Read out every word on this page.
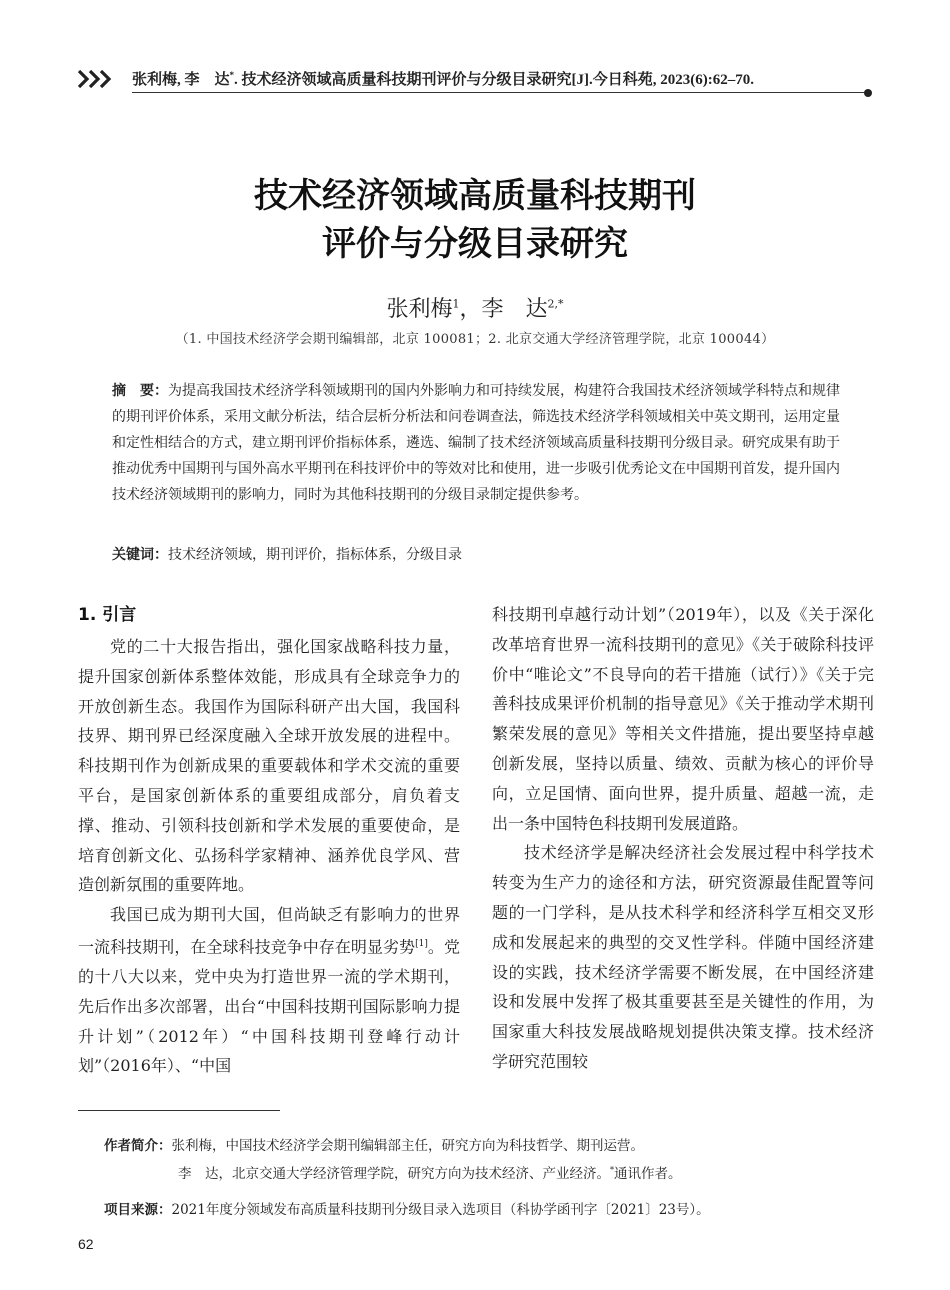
张利梅, 李　达*. 技术经济领域高质量科技期刊评价与分级目录研究[J].今日科苑, 2023(6):62–70.
技术经济领域高质量科技期刊
评价与分级目录研究
张利梅$^1$，李　达$^{2,*}$
（1. 中国技术经济学会期刊编辑部，北京 100081；2. 北京交通大学经济管理学院，北京 100044）
摘　要：为提高我国技术经济学科领域期刊的国内外影响力和可持续发展，构建符合我国技术经济领域学科特点和规律的期刊评价体系，采用文献分析法，结合层析分析法和问卷调查法，筛选技术经济学科领域相关中英文期刊，运用定量和定性相结合的方式，建立期刊评价指标体系，遴选、编制了技术经济领域高质量科技期刊分级目录。研究成果有助于推动优秀中国期刊与国外高水平期刊在科技评价中的等效对比和使用，进一步吸引优秀论文在中国期刊首发，提升国内技术经济领域期刊的影响力，同时为其他科技期刊的分级目录制定提供参考。
关键词：技术经济领域，期刊评价，指标体系，分级目录
1. 引言

党的二十大报告指出，强化国家战略科技力量，提升国家创新体系整体效能，形成具有全球竞争力的开放创新生态。我国作为国际科研产出大国，我国科技界、期刊界已经深度融入全球开放发展的进程中。科技期刊作为创新成果的重要载体和学术交流的重要平台，是国家创新体系的重要组成部分，肩负着支撑、推动、引领科技创新和学术发展的重要使命，是培育创新文化、弘扬科学家精神、涵养优良学风、营造创新氛围的重要阵地。

我国已成为期刊大国，但尚缺乏有影响力的世界一流科技期刊，在全球科技竞争中存在明显劣势[1]。党的十八大以来，党中央为打造世界一流的学术期刊，先后作出多次部署，出台“中国科技期刊国际影响力提升计划”（2012年）“中国科技期刊登峰行动计划”（2016年）、“中国

科技期刊卓越行动计划”（2019年），以及《关于深化改革培育世界一流科技期刊的意见》《关于破除科技评价中“唯论文”不良导向的若干措施（试行）》《关于完善科技成果评价机制的指导意见》《关于推动学术期刊繁荣发展的意见》等相关文件措施，提出要坚持卓越创新发展，坚持以质量、绩效、贡献为核心的评价导向，立足国情、面向世界，提升质量、超越一流，走出一条中国特色科技期刊发展道路。

技术经济学是解决经济社会发展过程中科学技术转变为生产力的途径和方法，研究资源最佳配置等问题的一门学科，是从技术科学和经济科学互相交叉形成和发展起来的典型的交叉性学科。伴随中国经济建设的实践，技术经济学需要不断发展，在中国经济建设和发展中发挥了极其重要甚至是关键性的作用，为国家重大科技发展战略规划提供决策支撑。技术经济学研究范围较

作者简介：张利梅，中国技术经济学会期刊编辑部主任，研究方向为科技哲学、期刊运营。
李　达，北京交通大学经济管理学院，研究方向为技术经济、产业经济。*通讯作者。
项目来源：2021年度分领域发布高质量科技期刊分级目录入选项目（科协学函刊字〔2021〕23号）。
62
